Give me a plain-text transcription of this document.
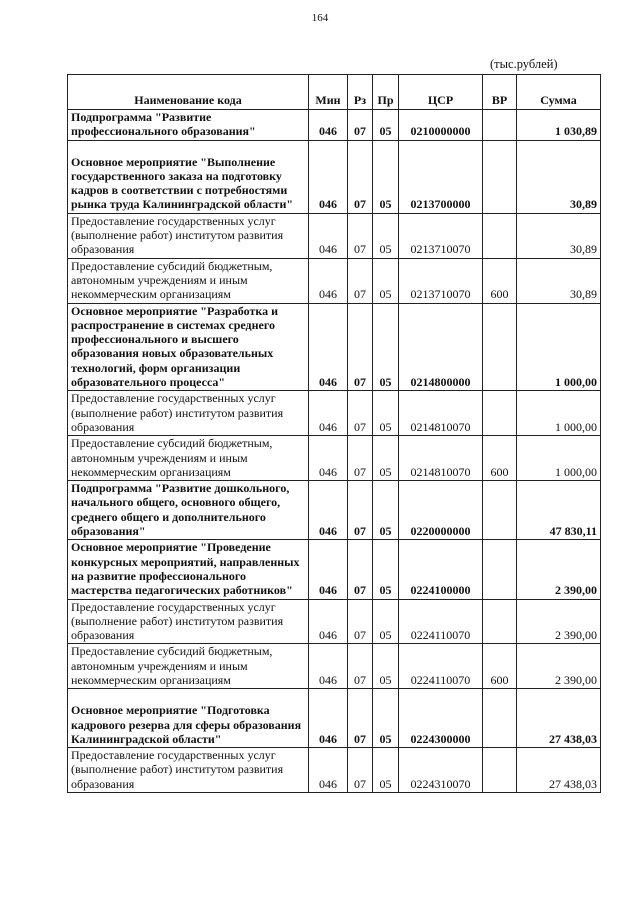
164
(тыс.рублей)
Наименование кода	Мин	Рз	Пр	ЦСР	ВР	Сумма
Подпрограмма "Развитие профессионального образования"	046	07	05	0210000000		1 030,89
Основное мероприятие "Выполнение государственного заказа на подготовку кадров в соответствии с потребностями рынка труда Калининградской области"	046	07	05	0213700000		30,89
Предоставление государственных услуг (выполнение работ) институтом развития образования	046	07	05	0213710070		30,89
Предоставление субсидий бюджетным, автономным учреждениям и иным некоммерческим организациям	046	07	05	0213710070	600	30,89
Основное мероприятие "Разработка и распространение в системах среднего профессионального и высшего образования новых образовательных технологий, форм организации образовательного процесса"	046	07	05	0214800000		1 000,00
Предоставление государственных услуг (выполнение работ) институтом развития образования	046	07	05	0214810070		1 000,00
Предоставление субсидий бюджетным, автономным учреждениям и иным некоммерческим организациям	046	07	05	0214810070	600	1 000,00
Подпрограмма "Развитие дошкольного, начального общего, основного общего, среднего общего и дополнительного образования"	046	07	05	0220000000		47 830,11
Основное мероприятие "Проведение конкурсных мероприятий, направленных на развитие профессионального мастерства педагогических работников"	046	07	05	0224100000		2 390,00
Предоставление государственных услуг (выполнение работ) институтом развития образования	046	07	05	0224110070		2 390,00
Предоставление субсидий бюджетным, автономным учреждениям и иным некоммерческим организациям	046	07	05	0224110070	600	2 390,00
Основное мероприятие "Подготовка кадрового резерва для сферы образования Калининградской области"	046	07	05	0224300000		27 438,03
Предоставление государственных услуг (выполнение работ) институтом развития образования	046	07	05	0224310070		27 438,03
